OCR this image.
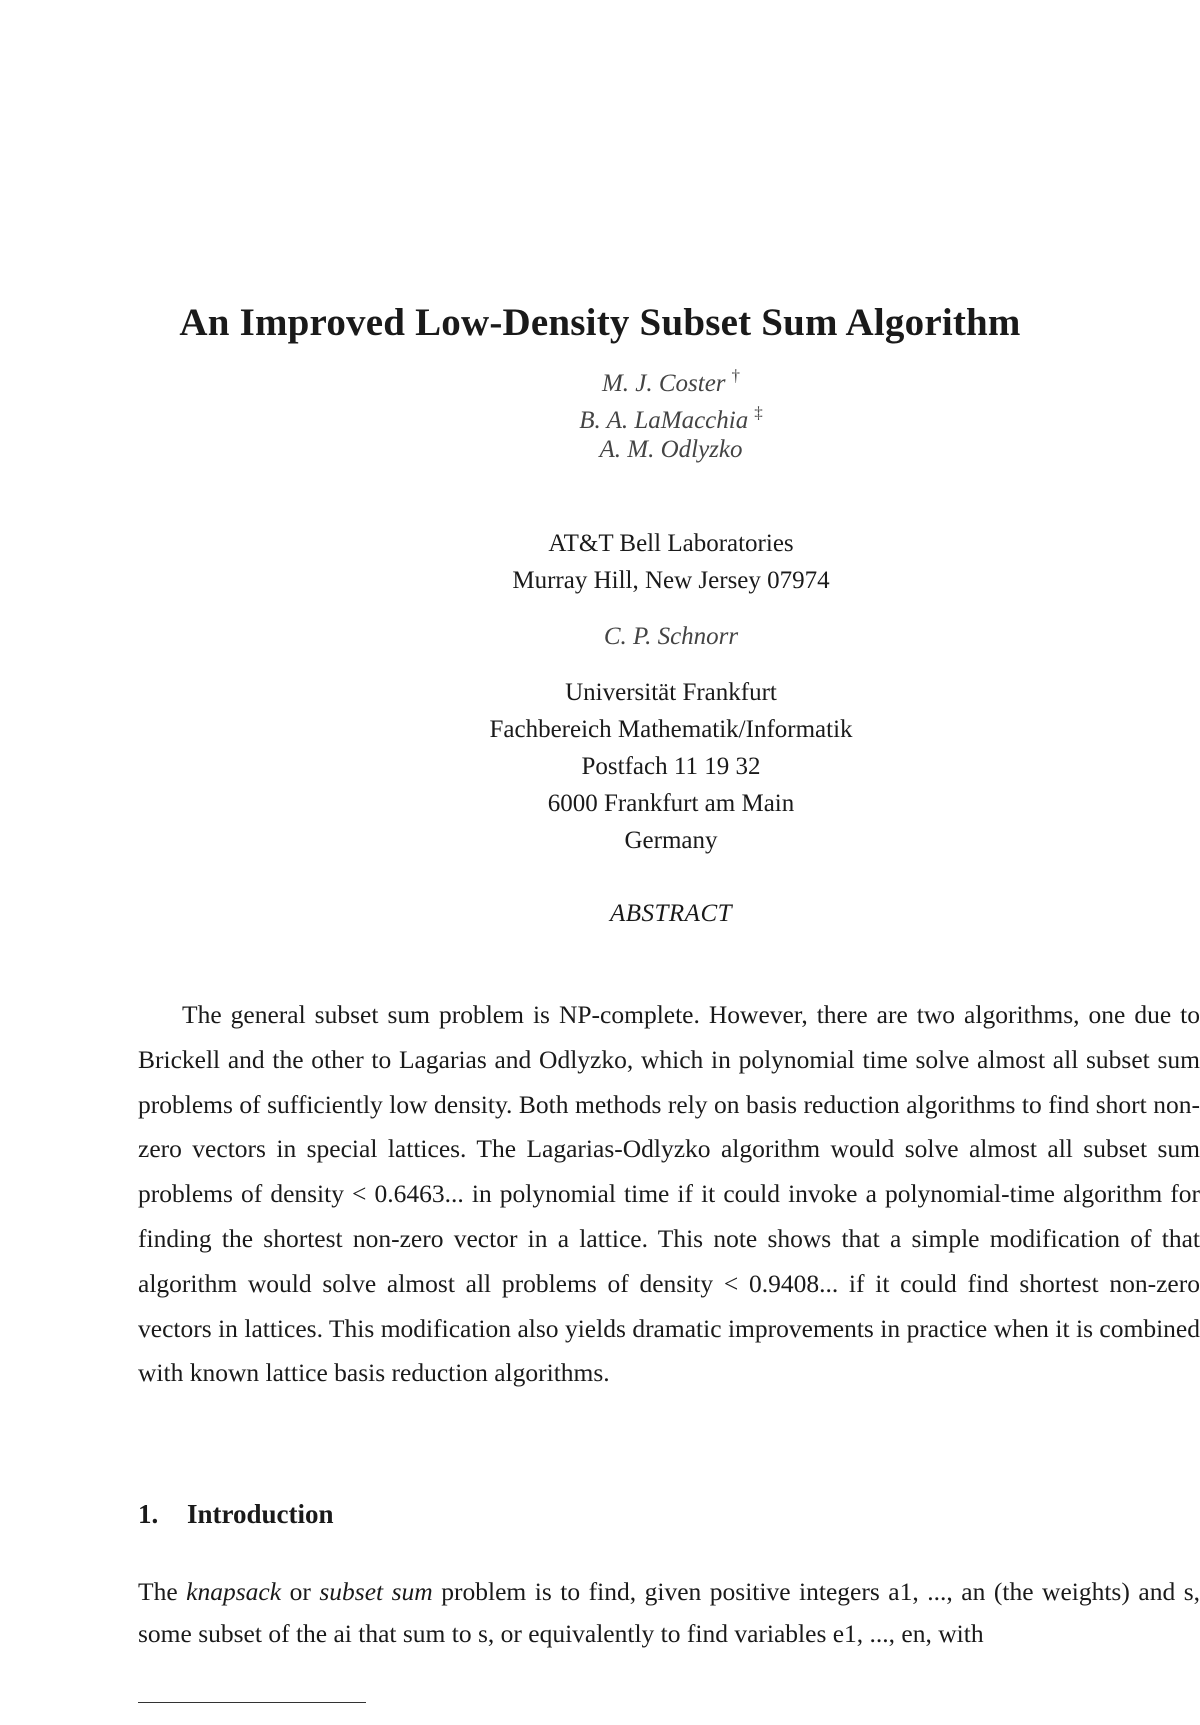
An Improved Low-Density Subset Sum Algorithm
M. J. Coster †
B. A. LaMacchia ‡
A. M. Odlyzko
AT&T Bell Laboratories
Murray Hill, New Jersey 07974
C. P. Schnorr
Universität Frankfurt
Fachbereich Mathematik/Informatik
Postfach 11 19 32
6000 Frankfurt am Main
Germany
ABSTRACT
The general subset sum problem is NP-complete. However, there are two algorithms, one due to Brickell and the other to Lagarias and Odlyzko, which in polynomial time solve almost all subset sum problems of sufficiently low density. Both methods rely on basis reduction algorithms to find short non-zero vectors in special lattices. The Lagarias-Odlyzko algorithm would solve almost all subset sum problems of density < 0.6463... in polynomial time if it could invoke a polynomial-time algorithm for finding the shortest non-zero vector in a lattice. This note shows that a simple modification of that algorithm would solve almost all problems of density < 0.9408... if it could find shortest non-zero vectors in lattices. This modification also yields dramatic improvements in practice when it is combined with known lattice basis reduction algorithms.
1. Introduction
The knapsack or subset sum problem is to find, given positive integers a1, ..., an (the weights) and s, some subset of the ai that sum to s, or equivalently to find variables e1, ..., en, with
